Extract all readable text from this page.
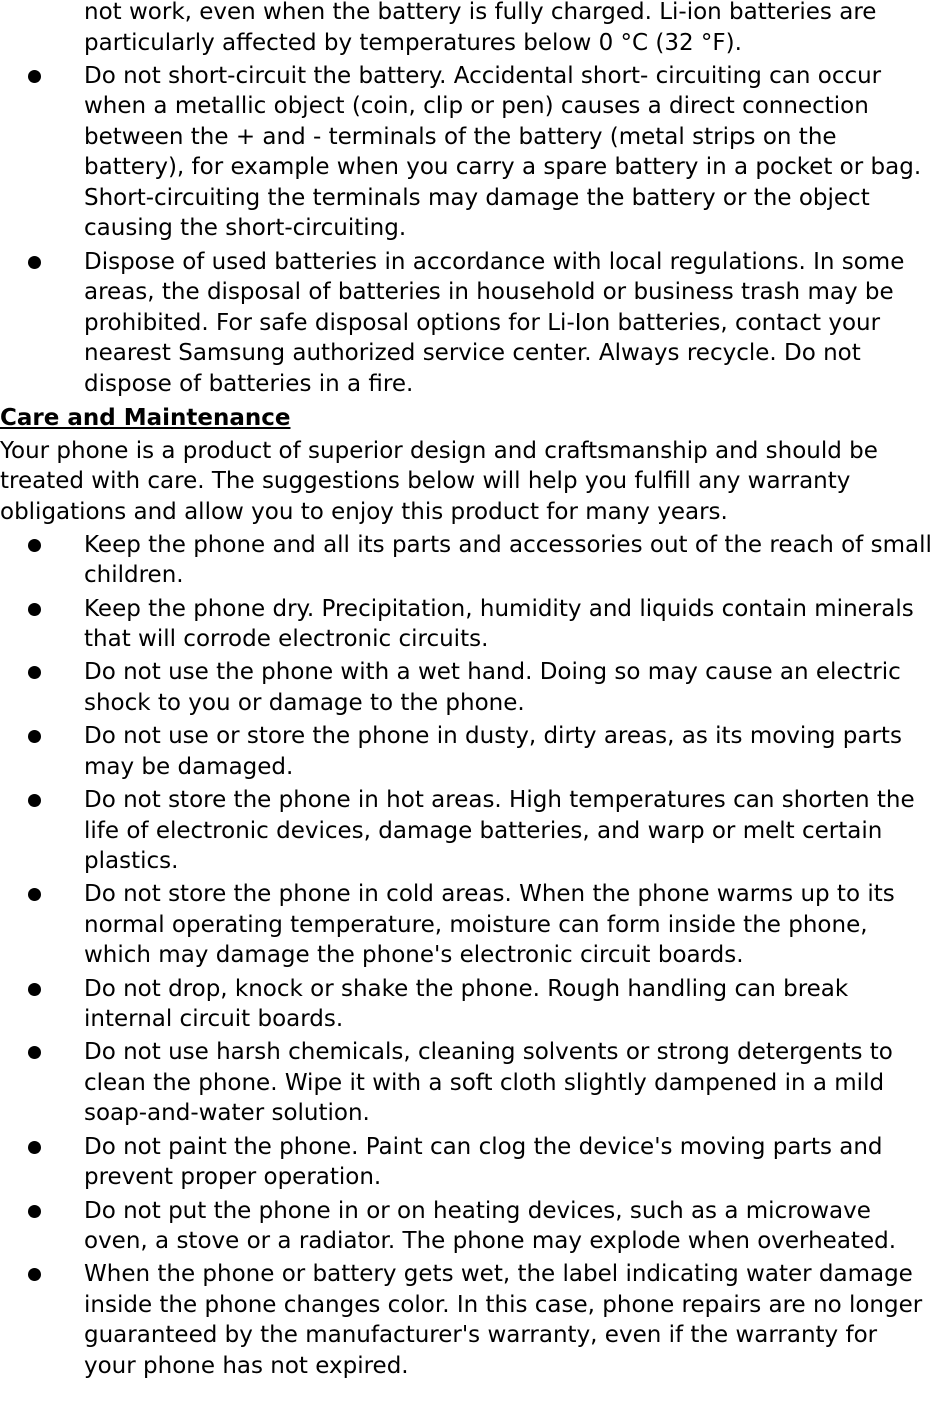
not work, even when the battery is fully charged. Li-ion batteries are particularly affected by temperatures below 0 °C (32 °F).

Do not short-circuit the battery. Accidental short- circuiting can occur when a metallic object (coin, clip or pen) causes a direct connection between the + and - terminals of the battery (metal strips on the battery), for example when you carry a spare battery in a pocket or bag. Short-circuiting the terminals may damage the battery or the object causing the short-circuiting.
Dispose of used batteries in accordance with local regulations. In some areas, the disposal of batteries in household or business trash may be prohibited. For safe disposal options for Li-Ion batteries, contact your nearest Samsung authorized service center. Always recycle. Do not dispose of batteries in a fire.
Care and Maintenance

Your phone is a product of superior design and craftsmanship and should be treated with care. The suggestions below will help you fulfill any warranty obligations and allow you to enjoy this product for many years.

Keep the phone and all its parts and accessories out of the reach of small children.
Keep the phone dry. Precipitation, humidity and liquids contain minerals that will corrode electronic circuits.
Do not use the phone with a wet hand. Doing so may cause an electric shock to you or damage to the phone.
Do not use or store the phone in dusty, dirty areas, as its moving parts may be damaged.
Do not store the phone in hot areas. High temperatures can shorten the life of electronic devices, damage batteries, and warp or melt certain plastics.
Do not store the phone in cold areas. When the phone warms up to its normal operating temperature, moisture can form inside the phone, which may damage the phone's electronic circuit boards.
Do not drop, knock or shake the phone. Rough handling can break internal circuit boards.
Do not use harsh chemicals, cleaning solvents or strong detergents to clean the phone. Wipe it with a soft cloth slightly dampened in a mild soap-and-water solution.
Do not paint the phone. Paint can clog the device's moving parts and prevent proper operation.
Do not put the phone in or on heating devices, such as a microwave oven, a stove or a radiator. The phone may explode when overheated.
When the phone or battery gets wet, the label indicating water damage inside the phone changes color. In this case, phone repairs are no longer guaranteed by the manufacturer's warranty, even if the warranty for your phone has not expired.
